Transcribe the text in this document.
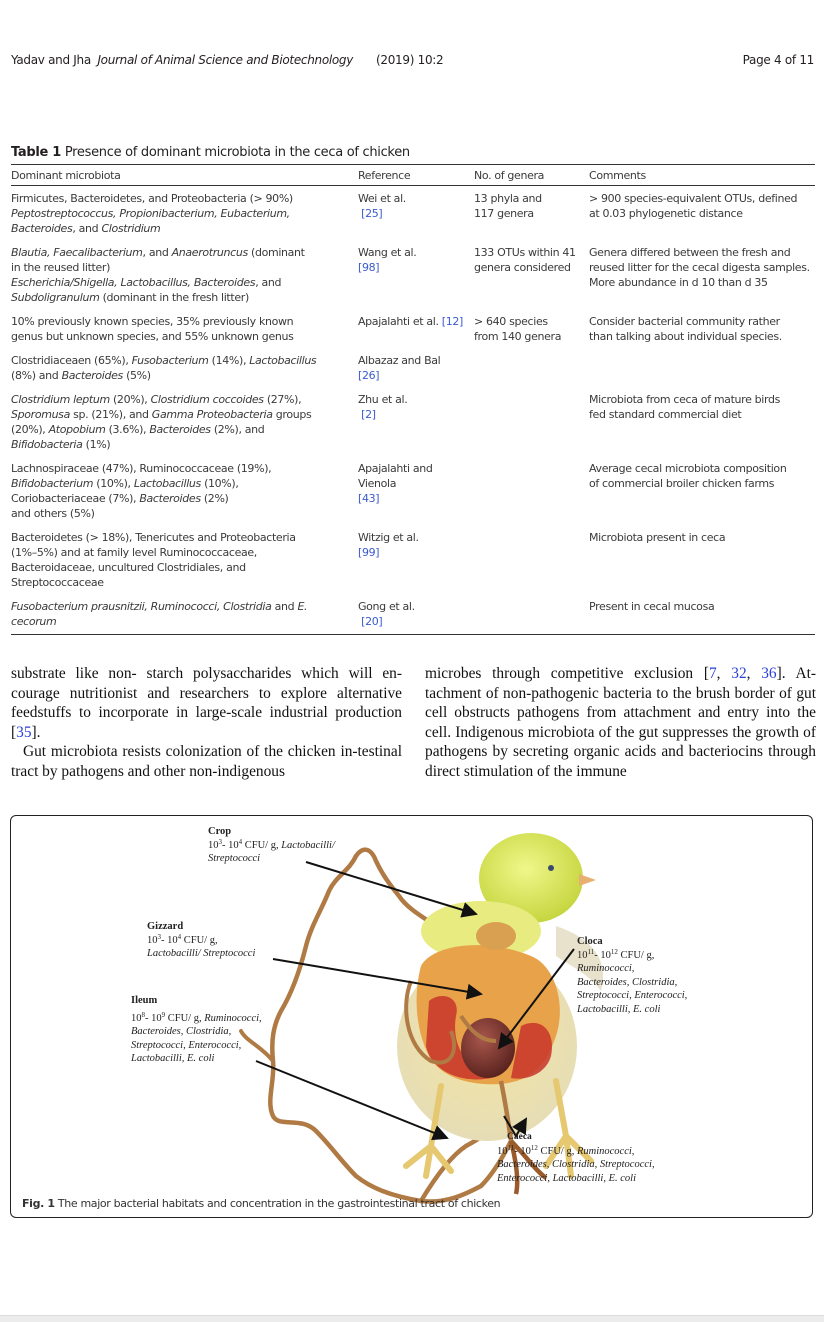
Yadav and Jha Journal of Animal Science and Biotechnology (2019) 10:2	Page 4 of 11
Table 1 Presence of dominant microbiota in the ceca of chicken
Dominant microbiota	Reference	No. of genera	Comments
Firmicutes, Bacteroidetes, and Proteobacteria (> 90%)
Peptostreptococcus, Propionibacterium, Eubacterium,
Bacteroides, and Clostridium	Wei et al.
[25]	13 phyla and
117 genera	> 900 species-equivalent OTUs, defined
at 0.03 phylogenetic distance
Blautia, Faecalibacterium, and Anaerotruncus (dominant
in the reused litter)
Escherichia/Shigella, Lactobacillus, Bacteroides, and
Subdoligranulum (dominant in the fresh litter)	Wang et al.
[98]	133 OTUs within 41
genera considered	Genera differed between the fresh and
reused litter for the cecal digesta samples.
More abundance in d 10 than d 35
10% previously known species, 35% previously known
genus but unknown species, and 55% unknown genus	Apajalahti et al. [12]	> 640 species
from 140 genera	Consider bacterial community rather
than talking about individual species.
Clostridiaceaen (65%), Fusobacterium (14%), Lactobacillus
(8%) and Bacteroides (5%)	Albazaz and Bal
[26]		
Clostridium leptum (20%), Clostridium coccoides (27%),
Sporomusa sp. (21%), and Gamma Proteobacteria groups
(20%), Atopobium (3.6%), Bacteroides (2%), and
Bifidobacteria (1%)	Zhu et al.
[2]		Microbiota from ceca of mature birds
fed standard commercial diet
Lachnospiraceae (47%), Ruminococcaceae (19%),
Bifidobacterium (10%), Lactobacillus (10%),
Coriobacteriaceae (7%), Bacteroides (2%)
and others (5%)	Apajalahti and
Vienola
[43]		Average cecal microbiota composition
of commercial broiler chicken farms
Bacteroidetes (> 18%), Tenericutes and Proteobacteria
(1%–5%) and at family level Ruminococcaceae,
Bacteroidaceae, uncultured Clostridiales, and
Streptococcaceae	Witzig et al.
[99]		Microbiota present in ceca
Fusobacterium prausnitzii, Ruminococci, Clostridia and E.
cecorum	Gong et al.
[20]		Present in cecal mucosa

substrate like non- starch polysaccharides which will en-courage nutritionist and researchers to explore alternative feedstuffs to incorporate in large-scale industrial production [35].

Gut microbiota resists colonization of the chicken in-testinal tract by pathogens and other non-indigenous

microbes through competitive exclusion [7, 32, 36]. At-tachment of non-pathogenic bacteria to the brush border of gut cell obstructs pathogens from attachment and entry into the cell. Indigenous microbiota of the gut suppresses the growth of pathogens by secreting organic acids and bacteriocins through direct stimulation of the immune

Crop
$10^3-$ $10^4$ CFU/ g, Lactobacilli/
Streptococci
Gizzard
$10^3-$ $10^4$ CFU/ g,
Lactobacilli/ Streptococci
Ileum
$10^8-$ $10^9$ CFU/ g, Ruminococci,
Bacteroides, Clostridia,
Streptococci, Enterococci,
Lactobacilli, E. coli
Cloca
$10^{11}-$ $10^{12}$ CFU/ g,
Ruminococci,
Bacteroides, Clostridia,
Streptococci, Enterococci,
Lactobacilli, E. coli
Caeca
$10^{11}-$ $10^{12}$ CFU/ g, Ruminococci,
Bacteroides, Clostridia, Streptococci,
Enterococci, Lactobacilli, E. coli
Fig. 1 The major bacterial habitats and concentration in the gastrointestinal tract of chicken
